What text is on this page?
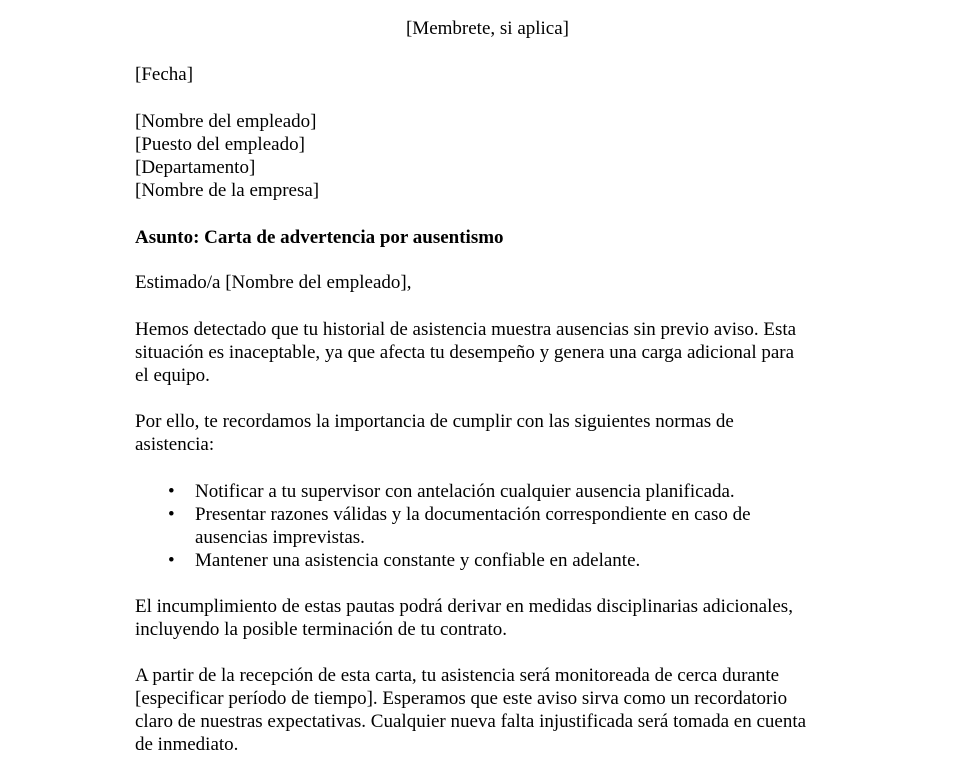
[Membrete, si aplica]
[Fecha]
[Nombre del empleado]
[Puesto del empleado]
[Departamento]
[Nombre de la empresa]
Asunto: Carta de advertencia por ausentismo
Estimado/a [Nombre del empleado],
Hemos detectado que tu historial de asistencia muestra ausencias sin previo aviso. Esta
situación es inaceptable, ya que afecta tu desempeño y genera una carga adicional para
el equipo.
Por ello, te recordamos la importancia de cumplir con las siguientes normas de
asistencia:
• Notificar a tu supervisor con antelación cualquier ausencia planificada.
• Presentar razones válidas y la documentación correspondiente en caso de
ausencias imprevistas.
• Mantener una asistencia constante y confiable en adelante.
El incumplimiento de estas pautas podrá derivar en medidas disciplinarias adicionales,
incluyendo la posible terminación de tu contrato.
A partir de la recepción de esta carta, tu asistencia será monitoreada de cerca durante
[especificar período de tiempo]. Esperamos que este aviso sirva como un recordatorio
claro de nuestras expectativas. Cualquier nueva falta injustificada será tomada en cuenta
de inmediato.
